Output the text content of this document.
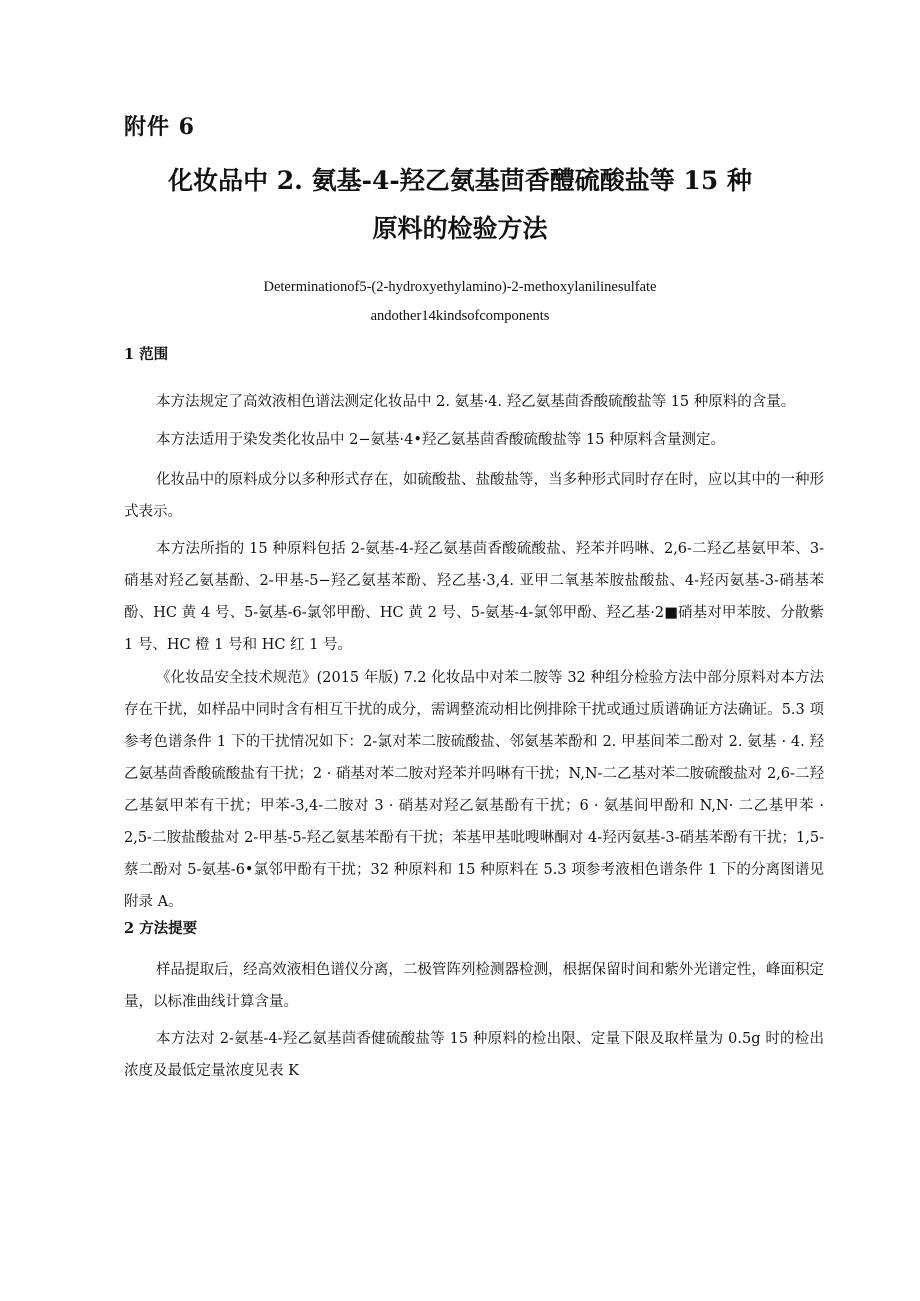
附件 6

化妆品中 2. 氨基-4-羟乙氨基茴香醴硫酸盐等 15 种
原料的检验方法

Determinationof5-(2-hydroxyethylamino)-2-methoxylanilinesulfate

andother14kindsofcomponents

1 范围

本方法规定了高效液相色谱法测定化妆品中 2. 氨基·4. 羟乙氨基茴香酸硫酸盐等 15 种原料的含量。

本方法适用于染发类化妆品中 2−氨基·4•羟乙氨基茴香酸硫酸盐等 15 种原料含量测定。

化妆品中的原料成分以多种形式存在，如硫酸盐、盐酸盐等，当多种形式同时存在时，应以其中的一种形式表示。

本方法所指的 15 种原料包括 2-氨基-4-羟乙氨基茴香酸硫酸盐、羟苯并吗啉、2,6-二羟乙基氨甲苯、3-硝基对羟乙氨基酚、2-甲基-5−羟乙氨基苯酚、羟乙基·3,4. 亚甲二氧基苯胺盐酸盐、4-羟丙氨基-3-硝基苯酚、HC 黄 4 号、5-氨基-6-氯邻甲酚、HC 黄 2 号、5-氨基-4-氯邻甲酚、羟乙基·2■硝基对甲苯胺、分散紫 1 号、HC 橙 1 号和 HC 红 1 号。

《化妆品安全技术规范》(2015 年版) 7.2 化妆品中对苯二胺等 32 种组分检验方法中部分原料对本方法存在干扰，如样品中同时含有相互干扰的成分，需调整流动相比例排除干扰或通过质谱确证方法确证。5.3 项参考色谱条件 1 下的干扰情况如下：2-氯对苯二胺硫酸盐、邻氨基苯酚和 2. 甲基间苯二酚对 2. 氨基 · 4. 羟乙氨基茴香酸硫酸盐有干扰；2 · 硝基对苯二胺对羟苯并吗啉有干扰；N,N-二乙基对苯二胺硫酸盐对 2,6-二羟乙基氨甲苯有干扰；甲苯-3,4-二胺对 3 · 硝基对羟乙氨基酚有干扰；6 · 氨基间甲酚和 N,N· 二乙基甲苯 · 2,5-二胺盐酸盐对 2-甲基-5-羟乙氨基苯酚有干扰；苯基甲基吡嗖啉酮对 4-羟丙氨基-3-硝基苯酚有干扰；1,5-蔡二酚对 5-氨基-6•氯邻甲酚有干扰；32 种原料和 15 种原料在 5.3 项参考液相色谱条件 1 下的分离图谱见附录 A。

2 方法提要

样品提取后，经高效液相色谱仪分离，二极管阵列检测器检测，根据保留时间和紫外光谱定性，峰面积定量，以标准曲线计算含量。

本方法对 2-氨基-4-羟乙氨基茴香健硫酸盐等 15 种原料的检出限、定量下限及取样量为 0.5g 时的检出浓度及最低定量浓度见表 K
